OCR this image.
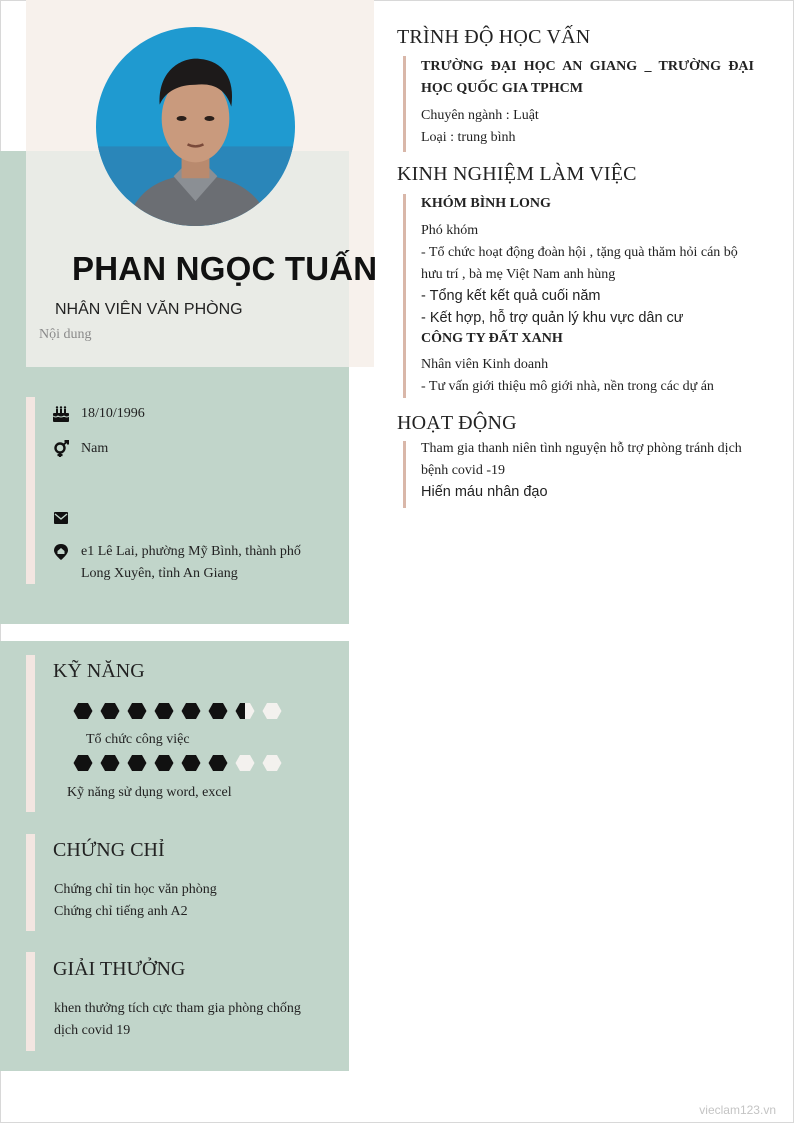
PHAN NGỌC TUẤN
NHÂN VIÊN VĂN PHÒNG
Nội dung
18/10/1996
Nam
e1 Lê Lai, phường Mỹ Bình, thành phố
Long Xuyên, tỉnh An Giang
KỸ NĂNG
Tổ chức công việc
Kỹ năng sử dụng word, excel
CHỨNG CHỈ
Chứng chỉ tin học văn phòng
Chứng chỉ tiếng anh A2
GIẢI THƯỞNG
khen thưởng tích cực tham gia phòng chống
dịch covid 19
TRÌNH ĐỘ HỌC VẤN
TRƯỜNG ĐẠI HỌC AN GIANG _ TRƯỜNG ĐẠI HỌC QUỐC GIA TPHCM
Chuyên ngành : Luật
Loại : trung bình
KINH NGHIỆM LÀM VIỆC
KHÓM BÌNH LONG
Phó khóm
- Tổ chức hoạt động đoàn hội , tặng quà thăm hỏi cán bộ hưu trí , bà mẹ Việt Nam anh hùng
- Tổng kết kết quả cuối năm
- Kết hợp, hỗ trợ quản lý khu vực dân cư
CÔNG TY ĐẤT XANH
Nhân viên Kinh doanh
- Tư vấn giới thiệu mô giới nhà, nền trong các dự án
HOẠT ĐỘNG
Tham gia thanh niên tình nguyện hỗ trợ phòng tránh dịch bệnh covid -19
Hiến máu nhân đạo
vieclam123.vn
